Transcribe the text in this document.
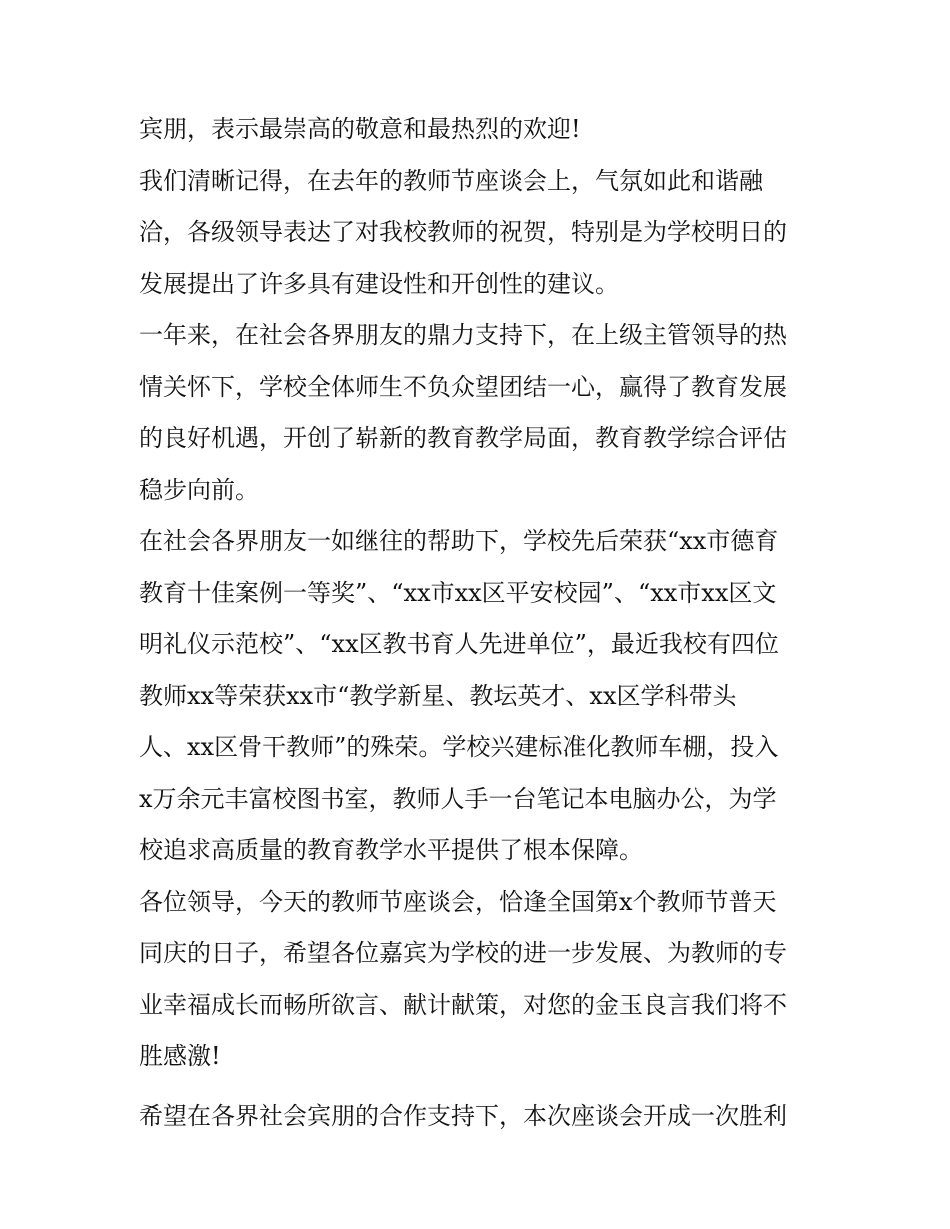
宾朋，表示最崇高的敬意和最热烈的欢迎!
我们清晰记得，在去年的教师节座谈会上，气氛如此和谐融
洽，各级领导表达了对我校教师的祝贺，特别是为学校明日的
发展提出了许多具有建设性和开创性的建议。
一年来，在社会各界朋友的鼎力支持下，在上级主管领导的热
情关怀下，学校全体师生不负众望团结一心，赢得了教育发展
的良好机遇，开创了崭新的教育教学局面，教育教学综合评估
稳步向前。
在社会各界朋友一如继往的帮助下，学校先后荣获“xx市德育
教育十佳案例一等奖”、“xx市xx区平安校园”、“xx市xx区文
明礼仪示范校”、“xx区教书育人先进单位”，最近我校有四位
教师xx等荣获xx市“教学新星、教坛英才、xx区学科带头
人、xx区骨干教师”的殊荣。学校兴建标准化教师车棚，投入
x万余元丰富校图书室，教师人手一台笔记本电脑办公，为学
校追求高质量的教育教学水平提供了根本保障。
各位领导，今天的教师节座谈会，恰逢全国第x个教师节普天
同庆的日子，希望各位嘉宾为学校的进一步发展、为教师的专
业幸福成长而畅所欲言、献计献策，对您的金玉良言我们将不
胜感激!
希望在各界社会宾朋的合作支持下，本次座谈会开成一次胜利
